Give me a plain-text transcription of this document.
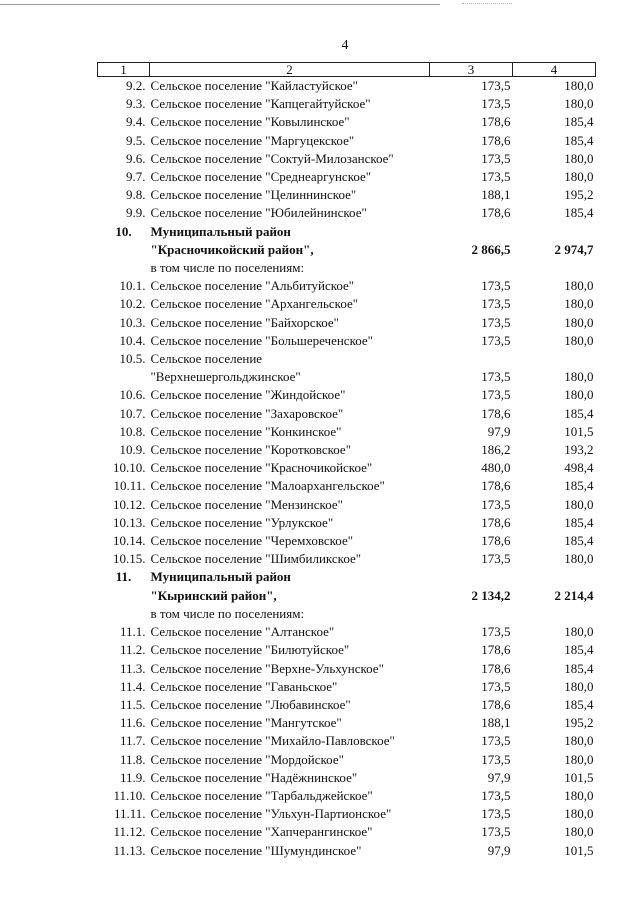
4
1	2	3	4
9.2.	Сельское поселение "Кайластуйское"	173,5	180,0
9.3.	Сельское поселение "Капцегайтуйское"	173,5	180,0
9.4.	Сельское поселение "Ковылинское"	178,6	185,4
9.5.	Сельское поселение "Маргуцекское"	178,6	185,4
9.6.	Сельское поселение "Соктуй-Милозанское"	173,5	180,0
9.7.	Сельское поселение "Среднеаргунское"	173,5	180,0
9.8.	Сельское поселение "Целиннинское"	188,1	195,2
9.9.	Сельское поселение "Юбилейнинское"	178,6	185,4
10.	Муниципальный район		
	"Красночикойский район",	2 866,5	2 974,7
	в том числе по поселениям:		
10.1.	Сельское поселение "Альбитуйское"	173,5	180,0
10.2.	Сельское поселение "Архангельское"	173,5	180,0
10.3.	Сельское поселение "Байхорское"	173,5	180,0
10.4.	Сельское поселение "Большереченское"	173,5	180,0
10.5.	Сельское поселение		
	"Верхнешергольджинское"	173,5	180,0
10.6.	Сельское поселение "Жиндойское"	173,5	180,0
10.7.	Сельское поселение "Захаровское"	178,6	185,4
10.8.	Сельское поселение "Конкинское"	97,9	101,5
10.9.	Сельское поселение "Коротковское"	186,2	193,2
10.10.	Сельское поселение "Красночикойское"	480,0	498,4
10.11.	Сельское поселение "Малоархангельское"	178,6	185,4
10.12.	Сельское поселение "Мензинское"	173,5	180,0
10.13.	Сельское поселение "Урлукское"	178,6	185,4
10.14.	Сельское поселение "Черемховское"	178,6	185,4
10.15.	Сельское поселение "Шимбиликское"	173,5	180,0
11.	Муниципальный район		
	"Кыринский район",	2 134,2	2 214,4
	в том числе по поселениям:		
11.1.	Сельское поселение "Алтанское"	173,5	180,0
11.2.	Сельское поселение "Билютуйское"	178,6	185,4
11.3.	Сельское поселение "Верхне-Ульхунское"	178,6	185,4
11.4.	Сельское поселение "Гаваньское"	173,5	180,0
11.5.	Сельское поселение "Любавинское"	178,6	185,4
11.6.	Сельское поселение "Мангутское"	188,1	195,2
11.7.	Сельское поселение "Михайло-Павловское"	173,5	180,0
11.8.	Сельское поселение "Мордойское"	173,5	180,0
11.9.	Сельское поселение "Надёжнинское"	97,9	101,5
11.10.	Сельское поселение "Тарбальджейское"	173,5	180,0
11.11.	Сельское поселение "Ульхун-Партионское"	173,5	180,0
11.12.	Сельское поселение "Хапчерангинское"	173,5	180,0
11.13.	Сельское поселение "Шумундинское"	97,9	101,5
